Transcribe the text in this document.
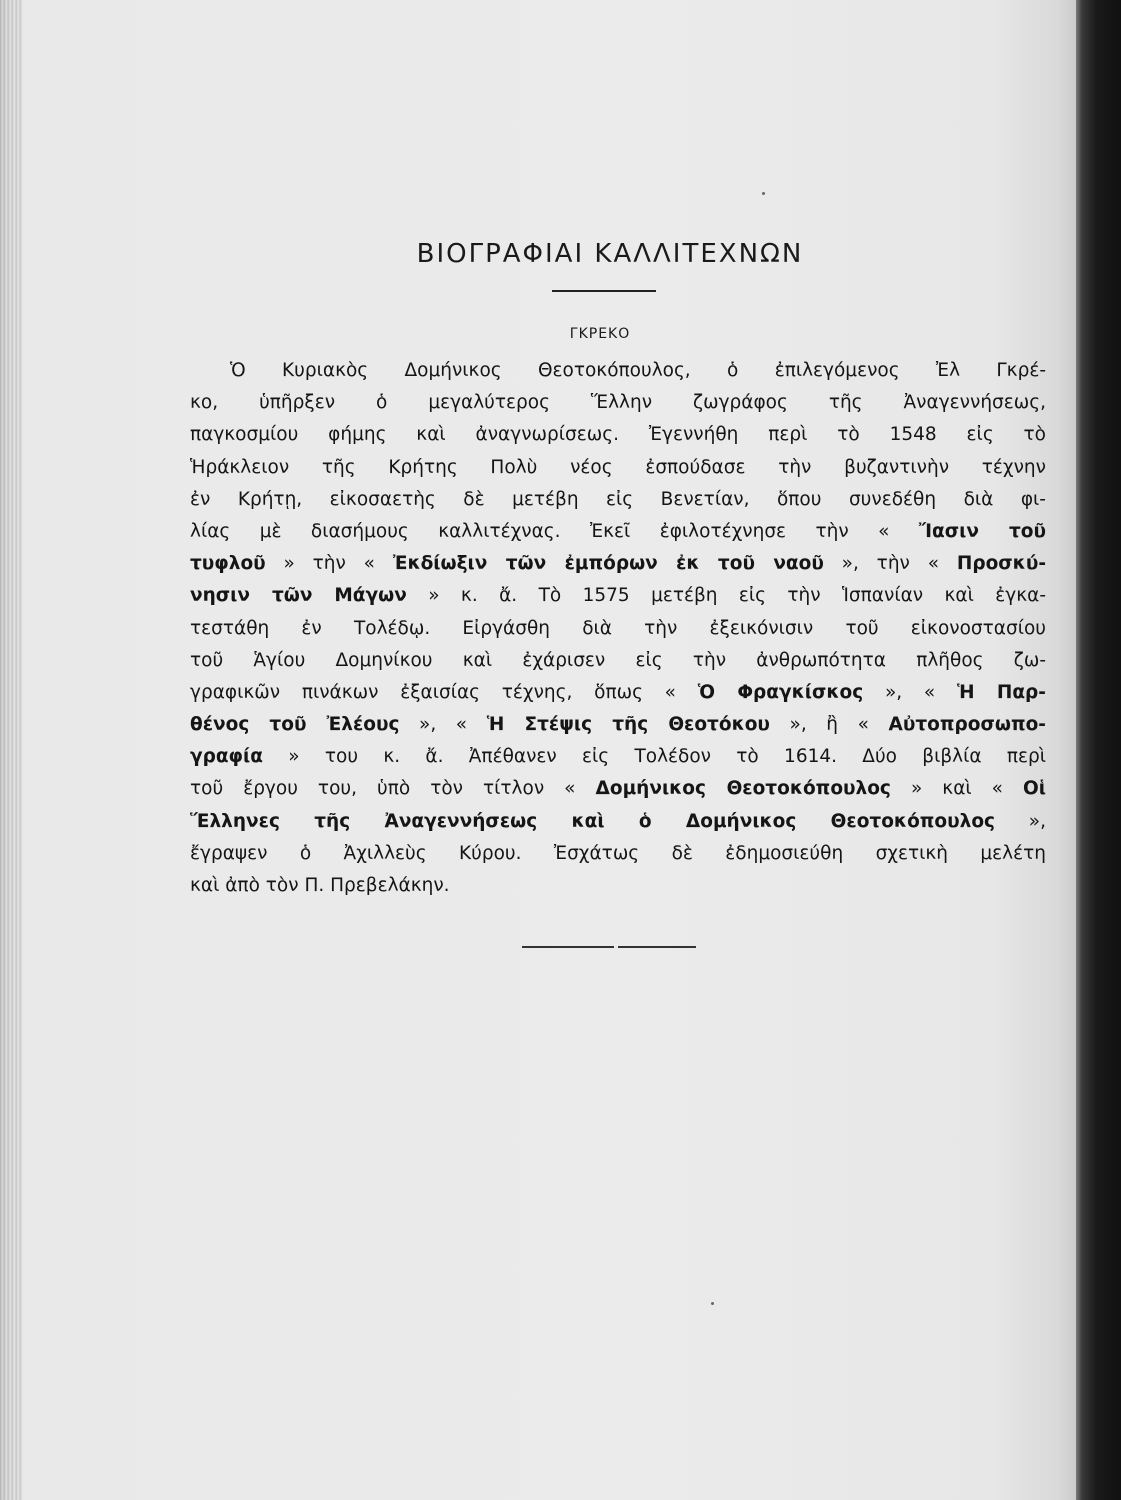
ΒΙΟΓΡΑΦΙΑΙ ΚΑΛΛΙΤΕΧΝΩΝ
ΓΚΡΕΚΟ
Ὁ Κυριακὸς Δομήνικος Θεοτοκόπουλος, ὁ ἐπιλεγόμενος Ἐλ Γκρέ-
κο, ὑπῆρξεν ὁ μεγαλύτερος Ἕλλην ζωγράφος τῆς Ἀναγεννήσεως,
παγκοσμίου φήμης καὶ ἀναγνωρίσεως. Ἐγεννήθη περὶ τὸ 1548 εἰς τὸ
Ἡράκλειον τῆς Κρήτης Πολὺ νέος ἐσπούδασε τὴν βυζαντινὴν τέχνην
ἐν Κρήτῃ, εἰκοσαετὴς δὲ μετέβη εἰς Βενετίαν, ὅπου συνεδέθη διὰ φι-
λίας μὲ διασήμους καλλιτέχνας. Ἐκεῖ ἐφιλοτέχνησε τὴν « Ἴασιν τοῦ
τυφλοῦ » τὴν « Ἐκδίωξιν τῶν ἐμπόρων ἐκ τοῦ ναοῦ », τὴν « Προσκύ-
νησιν τῶν Μάγων » κ. ἄ. Τὸ 1575 μετέβη εἰς τὴν Ἱσπανίαν καὶ ἐγκα-
τεστάθη ἐν Τολέδῳ. Εἰργάσθη διὰ τὴν ἐξεικόνισιν τοῦ εἰκονοστασίου
τοῦ Ἁγίου Δομηνίκου καὶ ἐχάρισεν εἰς τὴν ἀνθρωπότητα πλῆθος ζω-
γραφικῶν πινάκων ἐξαισίας τέχνης, ὅπως « Ὁ Φραγκίσκος », « Ἡ Παρ-
θένος τοῦ Ἐλέους », « Ἡ Στέψις τῆς Θεοτόκου », ἢ « Αὐτοπροσωπο-
γραφία » του κ. ἄ. Ἀπέθανεν εἰς Τολέδον τὸ 1614. Δύο βιβλία περὶ
τοῦ ἔργου του, ὑπὸ τὸν τίτλον « Δομήνικος Θεοτοκόπουλος » καὶ « Οἱ
Ἕλληνες τῆς Ἀναγεννήσεως καὶ ὁ Δομήνικος Θεοτοκόπουλος »,
ἔγραψεν ὁ Ἀχιλλεὺς Κύρου. Ἐσχάτως δὲ ἐδημοσιεύθη σχετικὴ μελέτη
καὶ ἀπὸ τὸν Π. Πρεβελάκην.
